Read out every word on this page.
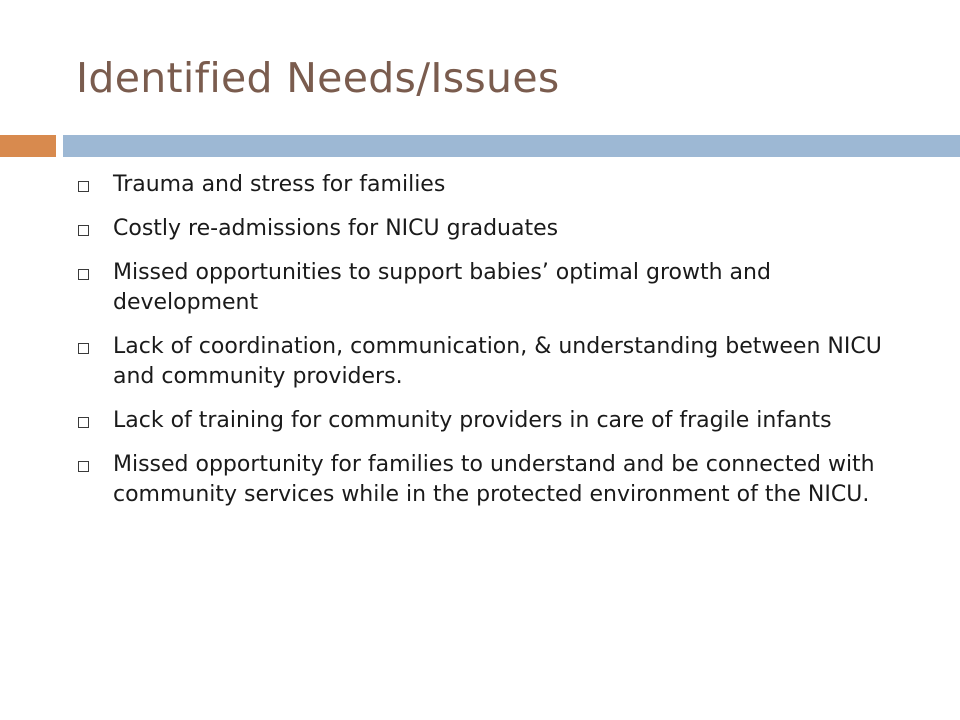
Identified Needs/Issues
Trauma and stress for families
Costly re-admissions for NICU graduates
Missed opportunities to support babies’ optimal growth and development
Lack of coordination, communication, & understanding between NICU and community providers.
Lack of training for community providers in care of fragile infants
Missed opportunity for families to understand and be connected with community services while in the protected environment of the NICU.
